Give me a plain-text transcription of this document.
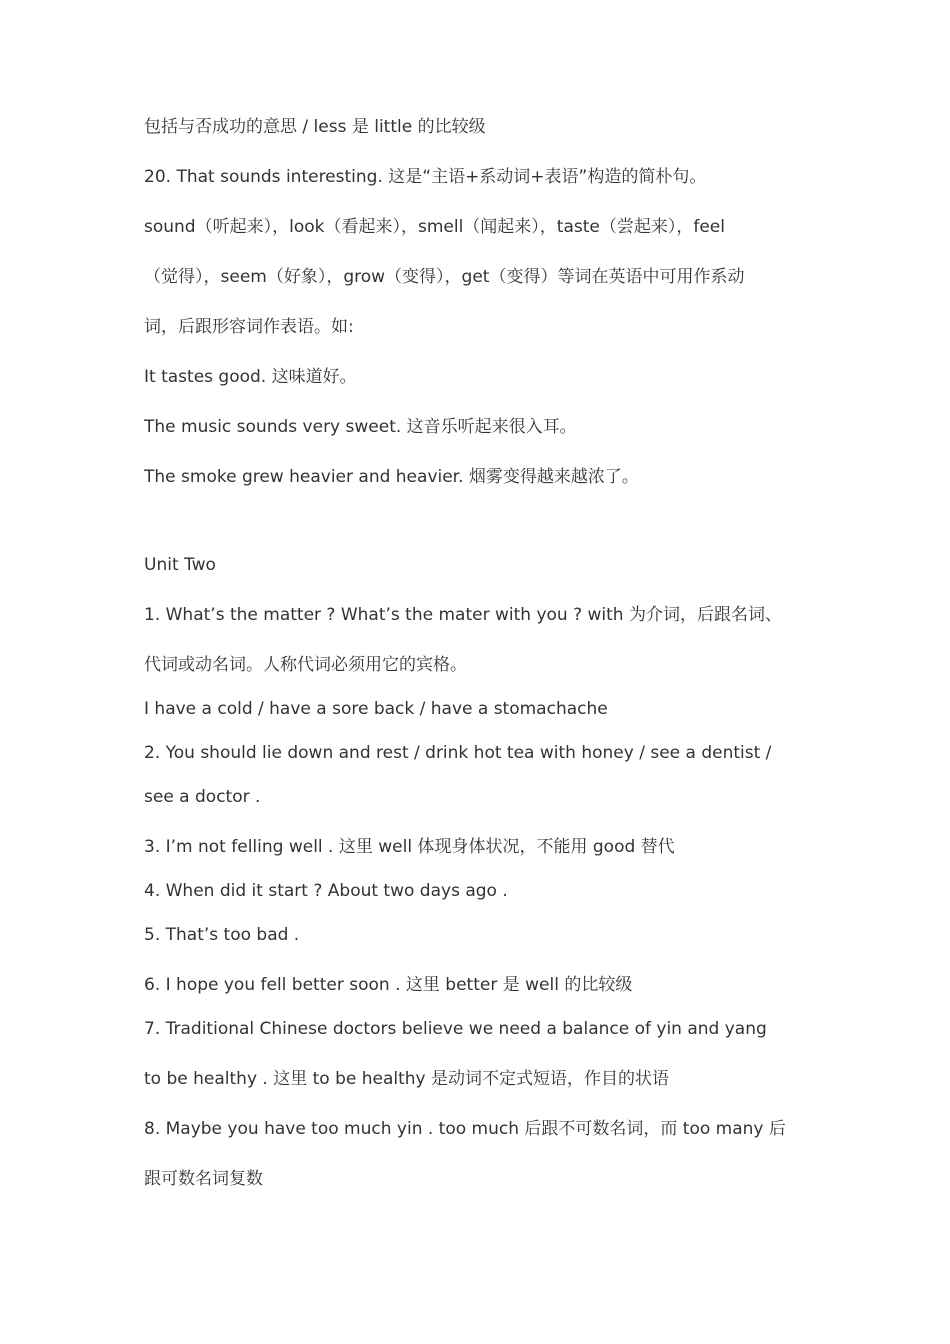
包括与否成功的意思 / less 是 little 的比较级
20. That sounds interesting. 这是“主语+系动词+表语”构造的简朴句。
sound（听起来），look（看起来），smell（闻起来），taste（尝起来），feel
（觉得），seem（好象），grow（变得），get（变得）等词在英语中可用作系动
词，后跟形容词作表语。如:
It tastes good. 这味道好。
The music sounds very sweet. 这音乐听起来很入耳。
The smoke grew heavier and heavier. 烟雾变得越来越浓了。
Unit Two
1. What’s the matter ? What’s the mater with you ? with 为介词，后跟名词、
代词或动名词。人称代词必须用它的宾格。
I have a cold / have a sore back / have a stomachache
2. You should lie down and rest / drink hot tea with honey / see a dentist /
see a doctor .
3. I’m not felling well . 这里 well 体现身体状况，不能用 good 替代
4. When did it start ? About two days ago .
5. That’s too bad .
6. I hope you fell better soon . 这里 better 是 well 的比较级
7. Traditional Chinese doctors believe we need a balance of yin and yang
to be healthy . 这里 to be healthy 是动词不定式短语，作目的状语
8. Maybe you have too much yin . too much 后跟不可数名词，而 too many 后
跟可数名词复数
